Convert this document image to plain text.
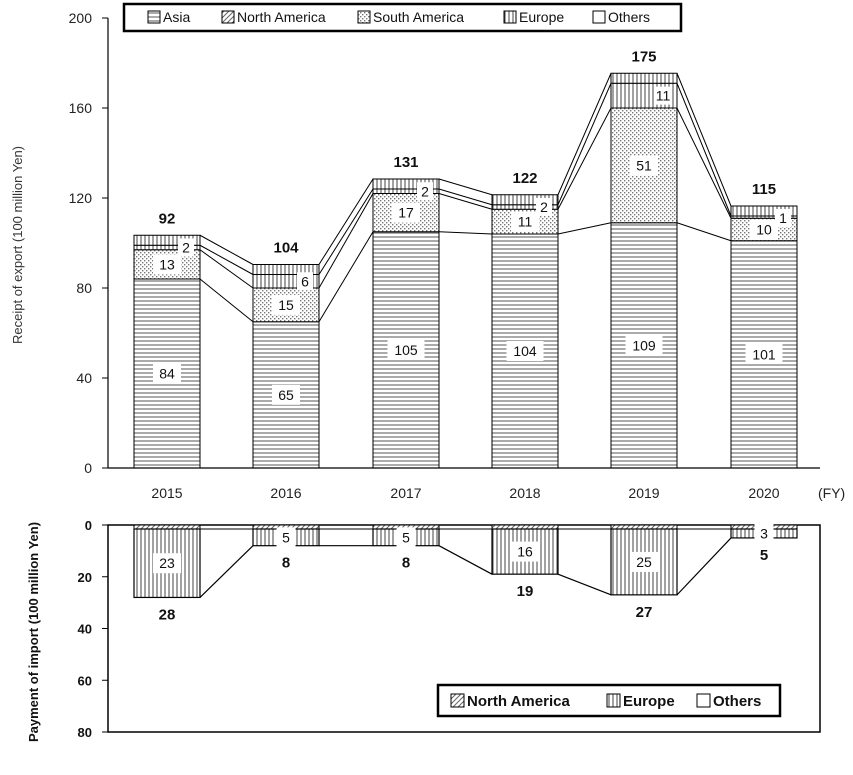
0
40
80
120
160
200
Receipt of export (100 million Yen)
(FY)
84
13
2
92
65
15
6
104
105
17
2
131
104
11
2
122
109
51
11
175
101
10
1
115
2015	2016	2017	2018	2019	2020
Asia	North America	South America	Europe	Others
0
20
40
60
80
Payment of import (100 million Yen)	23
28
5
8
5
8
16
19
25
27
3
5
North America	Europe	Others
